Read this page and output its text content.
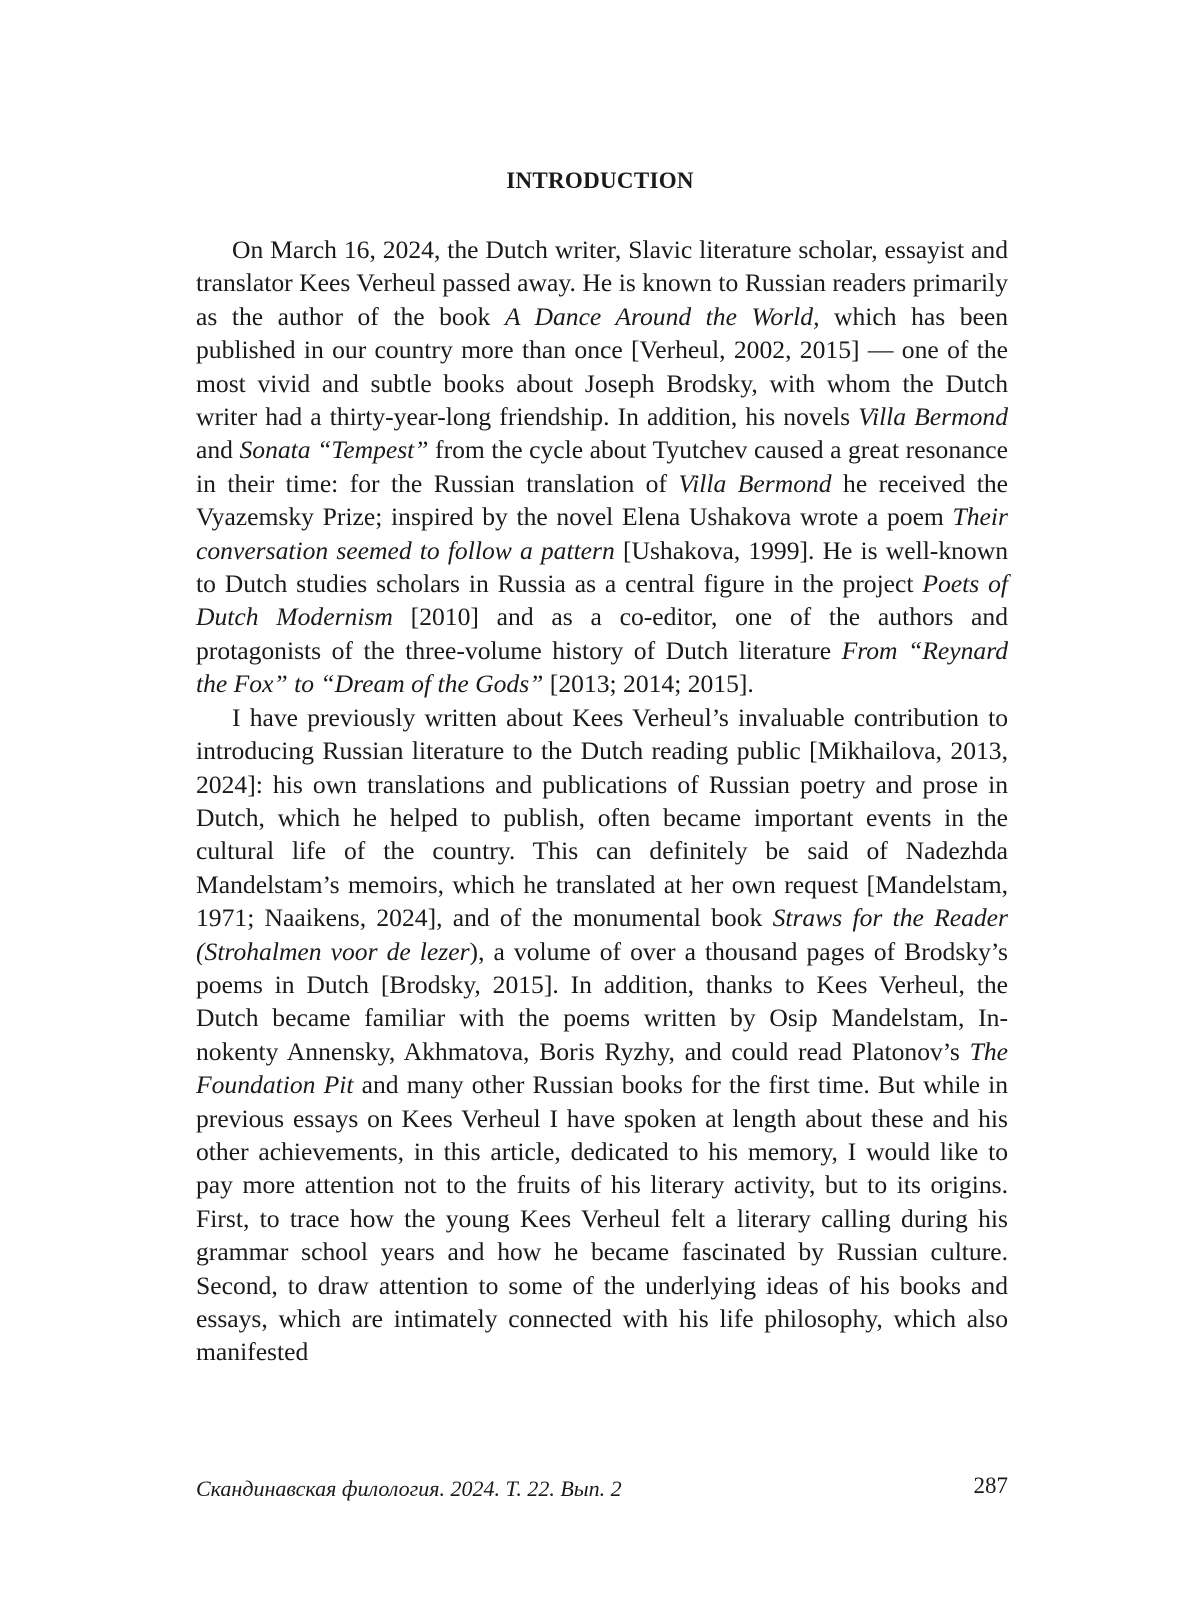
INTRODUCTION

On March 16, 2024, the Dutch writer, Slavic literature scholar, essayist and translator Kees Verheul passed away. He is known to Russian readers primarily as the author of the book A Dance Around the World, which has been published in our country more than once [Verheul, 2002, 2015] — one of the most vivid and subtle books about Joseph Brodsky, with whom the Dutch writer had a thirty-year-long friendship. In addition, his novels Villa Bermond and Sonata “Tempest” from the cycle about Tyutchev caused a great resonance in their time: for the Russian translation of Villa Bermond he received the Vyazemsky Prize; inspired by the novel Elena Ushakova wrote a poem Their conversation seemed to follow a pattern [Ushakova, 1999]. He is well-known to Dutch studies scholars in Russia as a central figure in the project Poets of Dutch Modernism [2010] and as a co-editor, one of the authors and protagonists of the three-volume history of Dutch literature From “Reynard the Fox” to “Dream of the Gods” [2013; 2014; 2015].

I have previously written about Kees Verheul’s invaluable contribution to introducing Russian literature to the Dutch reading public [Mikhailova, 2013, 2024]: his own translations and publications of Russian poetry and prose in Dutch, which he helped to publish, often became important events in the cultural life of the country. This can definitely be said of Nadezhda Mandelstam’s memoirs, which he translated at her own request [Mandelstam, 1971; Naaikens, 2024], and of the monumental book Straws for the Reader (Strohalmen voor de lezer), a volume of over a thousand pages of Brodsky’s poems in Dutch [Brodsky, 2015]. In addition, thanks to Kees Verheul, the Dutch became familiar with the poems written by Osip Mandelstam, Innokenty Annensky, Akhmatova, Boris Ryzhy, and could read Platonov’s The Foundation Pit and many other Russian books for the first time. But while in previous essays on Kees Verheul I have spoken at length about these and his other achievements, in this article, dedicated to his memory, I would like to pay more attention not to the fruits of his literary activity, but to its origins. First, to trace how the young Kees Verheul felt a literary calling during his grammar school years and how he became fascinated by Russian culture. Second, to draw attention to some of the underlying ideas of his books and essays, which are intimately connected with his life philosophy, which also manifested

Скандинавская филология. 2024. Т. 22. Вып. 2	287
